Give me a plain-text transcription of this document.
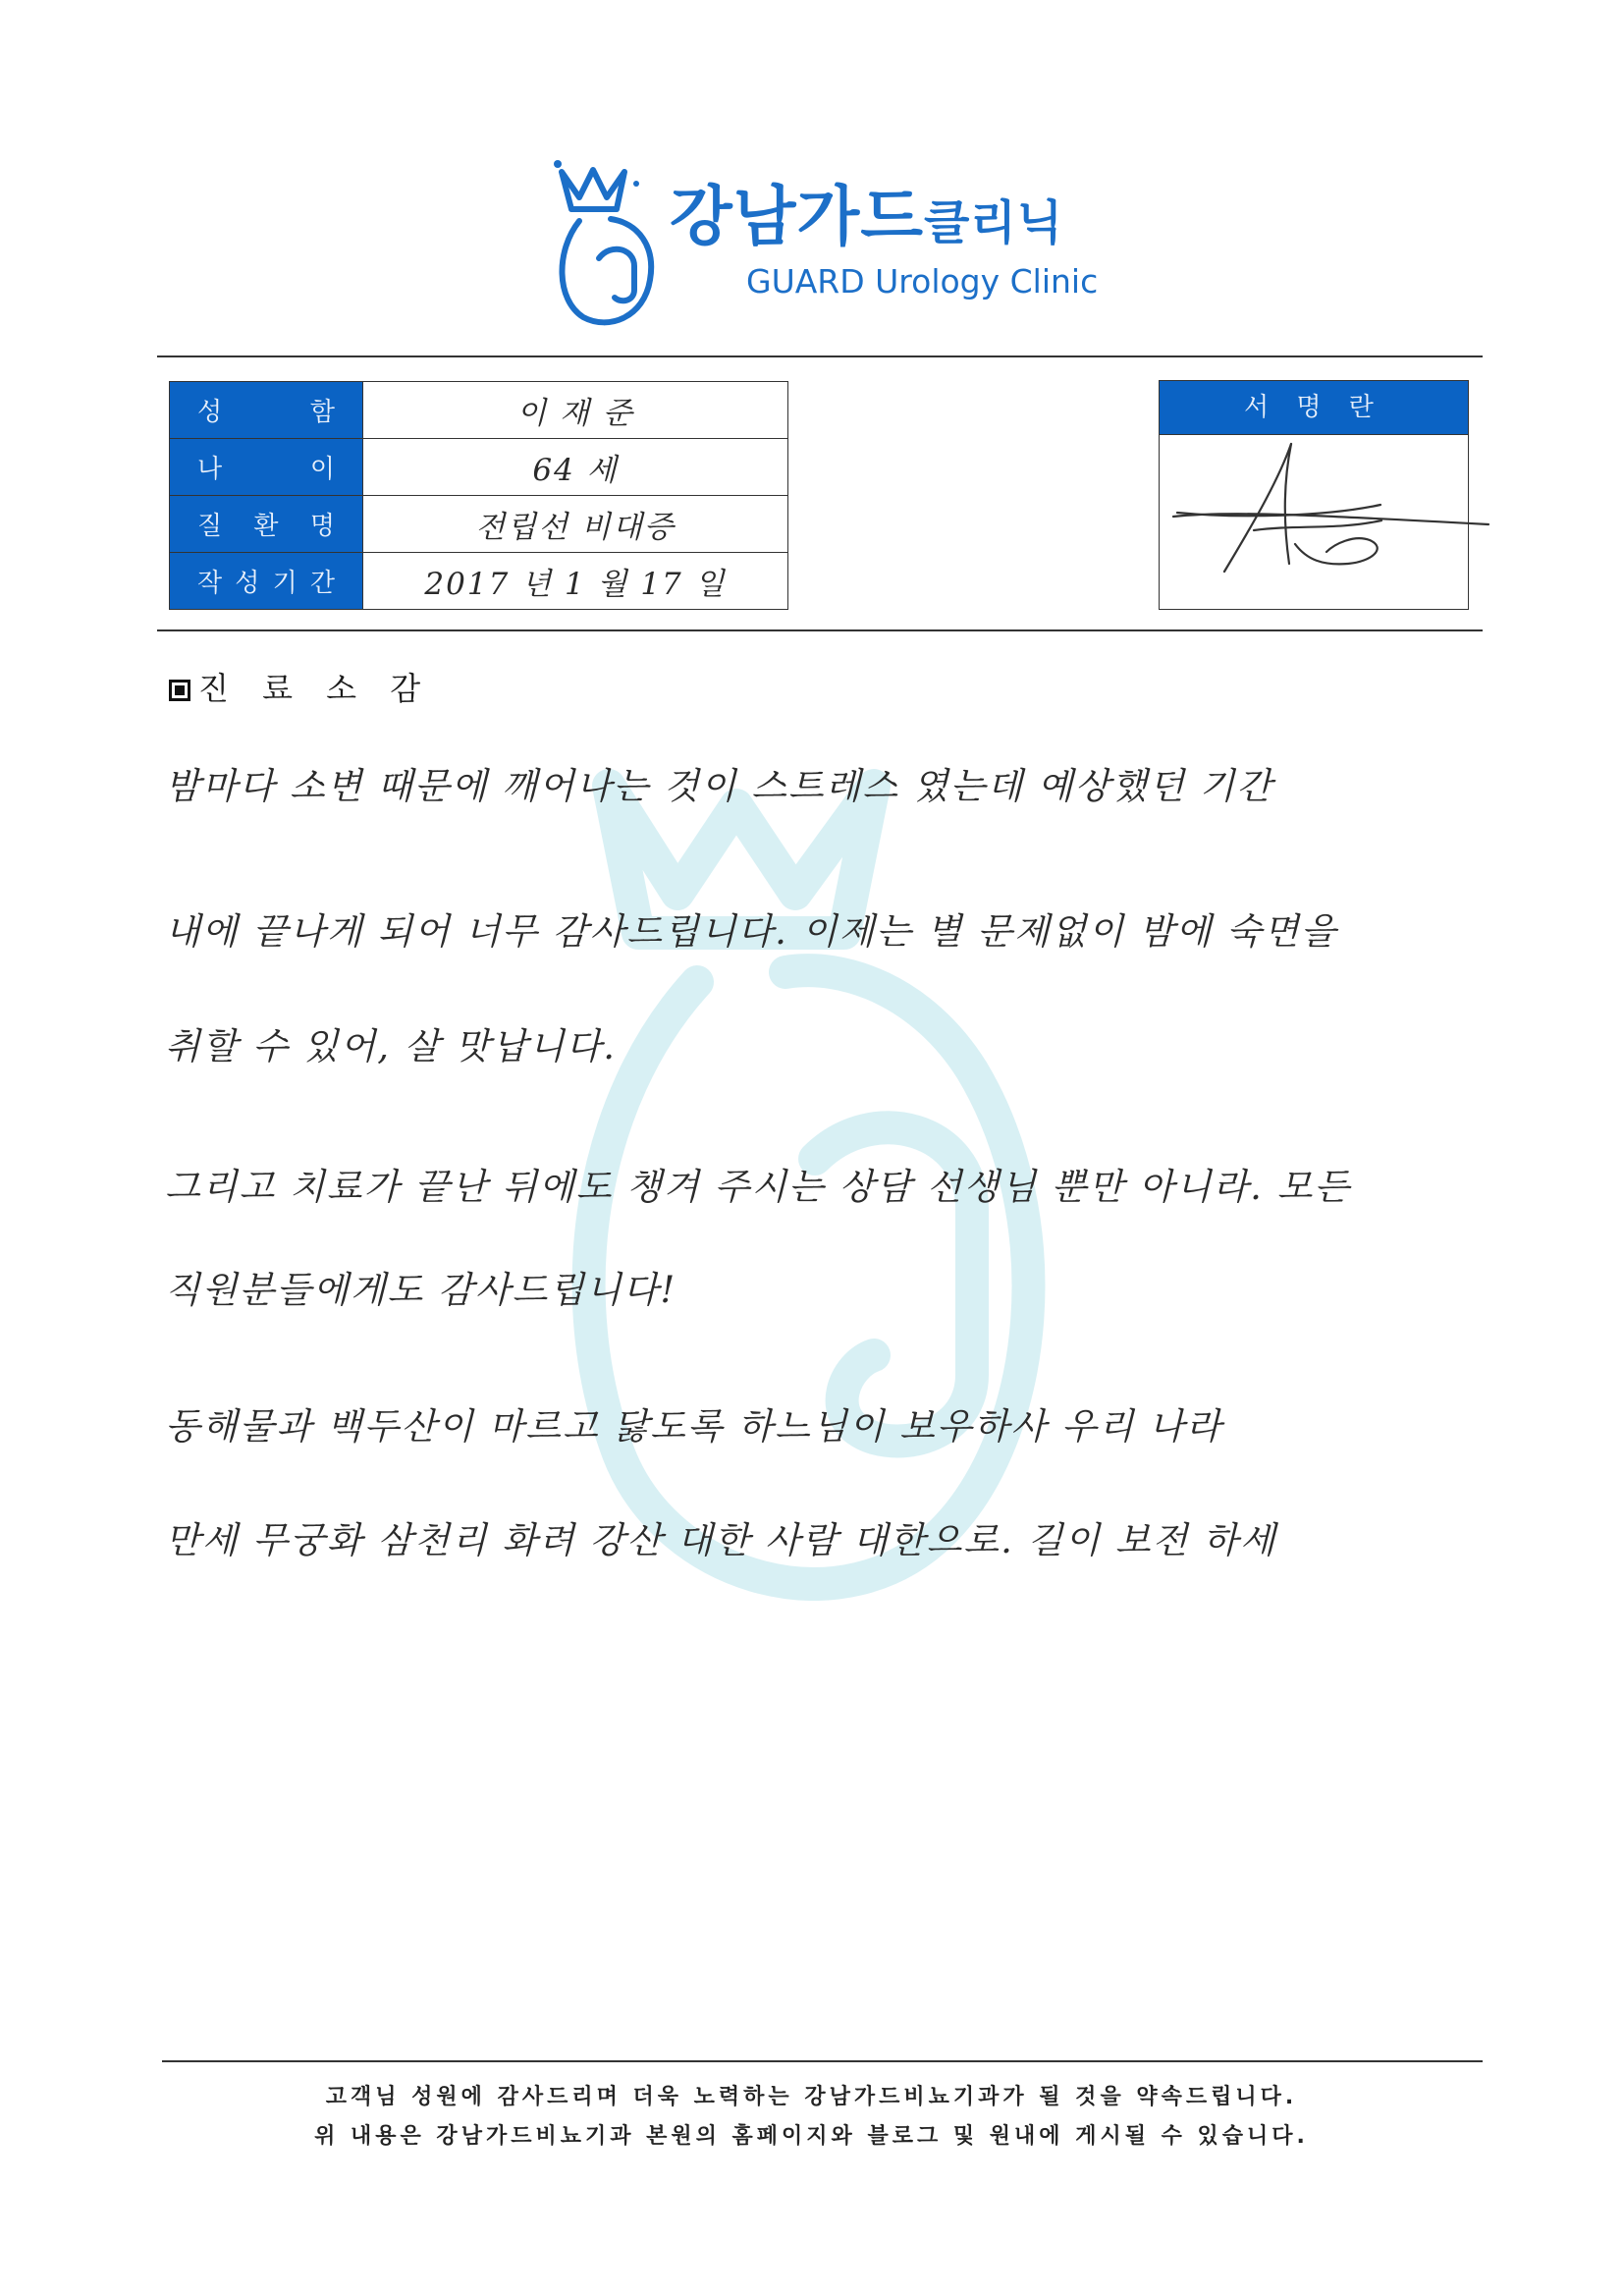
강남가드클리닉
GUARD Urology Clinic
성 함	이 재 준
나 이	64 세
질 환 명	전립선 비대증
작 성 기 간	2017 년 1 월 17 일
서 명 란
진 료 소 감
밤마다 소변 때문에 깨어나는 것이 스트레스 였는데 예상했던 기간
내에 끝나게 되어 너무 감사드립니다. 이제는 별 문제없이 밤에 숙면을
취할 수 있어, 살 맛납니다.
그리고 치료가 끝난 뒤에도 챙겨 주시는 상담 선생님 뿐만 아니라. 모든
직원분들에게도 감사드립니다!
동해물과 백두산이 마르고 닳도록 하느님이 보우하사 우리 나라
만세 무궁화 삼천리 화려 강산 대한 사람 대한으로. 길이 보전 하세
고객님 성원에 감사드리며 더욱 노력하는 강남가드비뇨기과가 될 것을 약속드립니다.
위 내용은 강남가드비뇨기과 본원의 홈페이지와 블로그 및 원내에 게시될 수 있습니다.
